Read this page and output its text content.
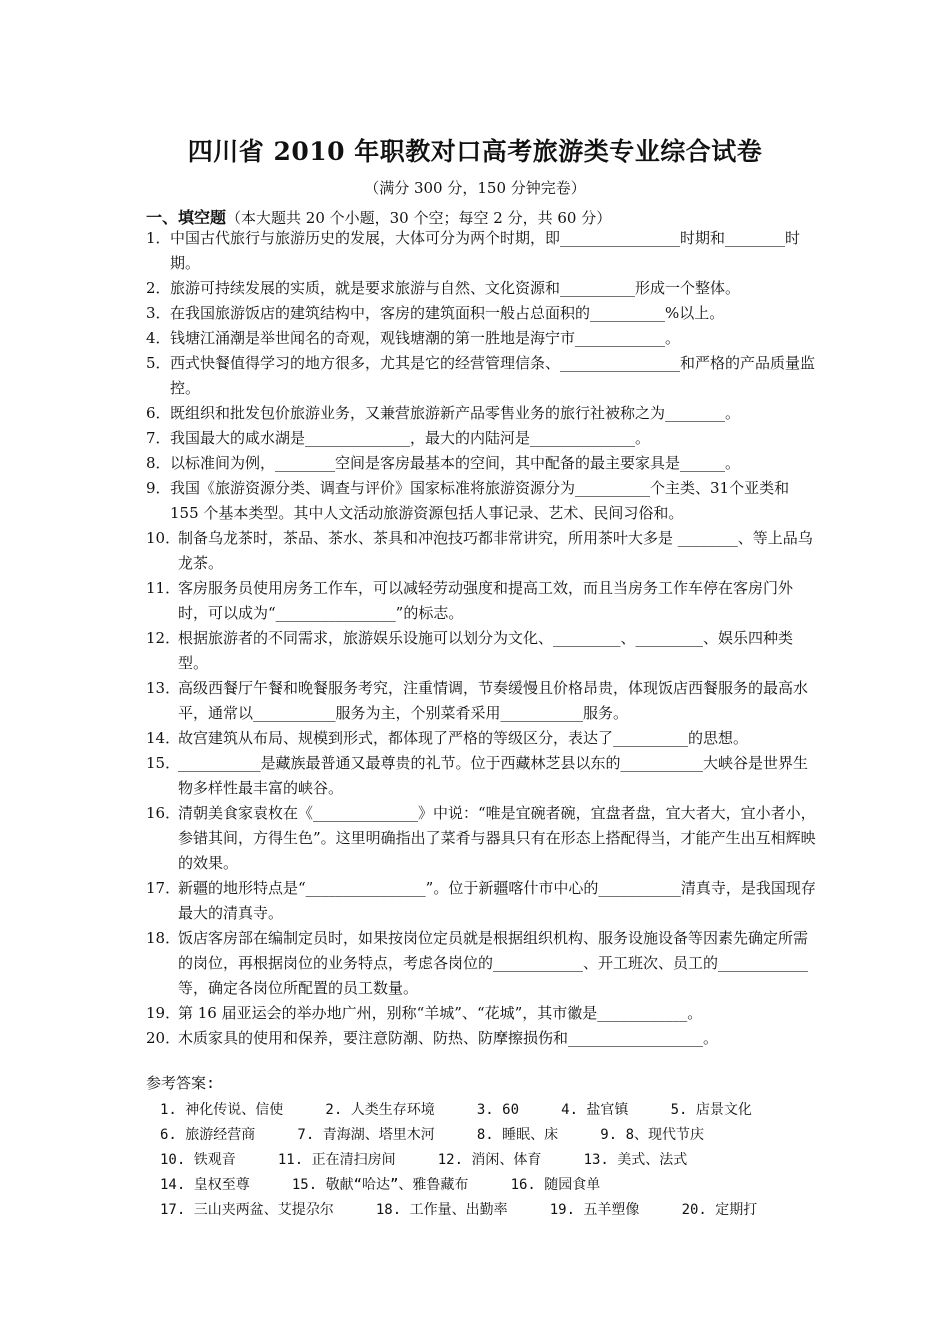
四川省 2010 年职教对口高考旅游类专业综合试卷
（满分 300 分，150 分钟完卷）
一、填空题（本大题共 20 个小题，30 个空；每空 2 分，共 60 分）
1． 中国古代旅行与旅游历史的发展，大体可分为两个时期，即________________时期和________时期。
2． 旅游可持续发展的实质，就是要求旅游与自然、文化资源和__________形成一个整体。
3． 在我国旅游饭店的建筑结构中，客房的建筑面积一般占总面积的__________%以上。
4． 钱塘江涌潮是举世闻名的奇观，观钱塘潮的第一胜地是海宁市____________。
5． 西式快餐值得学习的地方很多，尤其是它的经营管理信条、________________和严格的产品质量监控。
6． 既组织和批发包价旅游业务，又兼营旅游新产品零售业务的旅行社被称之为________。
7． 我国最大的咸水湖是______________，最大的内陆河是______________。
8． 以标准间为例，________空间是客房最基本的空间，其中配备的最主要家具是______。
9． 我国《旅游资源分类、调查与评价》国家标准将旅游资源分为__________个主类、31个亚类和 155 个基本类型。其中人文活动旅游资源包括人事记录、艺术、民间习俗和。
10．
制备乌龙茶时，茶品、茶水、茶具和冲泡技巧都非常讲究，所用茶叶大多是 ________、等上品乌龙茶。
11．
客房服务员使用房务工作车，可以减轻劳动强度和提高工效，而且当房务工作车停在客房门外时，可以成为“________________”的标志。
12．
根据旅游者的不同需求，旅游娱乐设施可以划分为文化、_________、_________、娱乐四种类型。
13．
高级西餐厅午餐和晚餐服务考究，注重情调，节奏缓慢且价格昂贵，体现饭店西餐服务的最高水平，通常以___________服务为主，个别菜肴采用___________服务。
14．
故宫建筑从布局、规模到形式，都体现了严格的等级区分，表达了__________的思想。
15．
___________是藏族最普通又最尊贵的礼节。位于西藏林芝县以东的___________大峡谷是世界生物多样性最丰富的峡谷。
16．
清朝美食家袁枚在《______________》中说：“唯是宜碗者碗，宜盘者盘，宜大者大，宜小者小，参错其间，方得生色”。这里明确指出了菜肴与器具只有在形态上搭配得当，才能产生出互相辉映的效果。
17．
新疆的地形特点是“________________”。位于新疆喀什市中心的___________清真寺，是我国现存最大的清真寺。
18．
饭店客房部在编制定员时，如果按岗位定员就是根据组织机构、服务设施设备等因素先确定所需的岗位，再根据岗位的业务特点，考虑各岗位的____________、开工班次、员工的____________等，确定各岗位所配置的员工数量。
19．
第 16 届亚运会的举办地广州，别称“羊城”、“花城”，其市徽是____________。
20．
木质家具的使用和保养，要注意防潮、防热、防摩擦损伤和__________________。
参考答案:
1. 神化传说、信使     2. 人类生存环境     3. 60     4. 盐官镇     5. 店景文化
6. 旅游经营商     7. 青海湖、塔里木河     8. 睡眠、床     9. 8、现代节庆
10. 铁观音     11. 正在清扫房间     12. 消闲、体育     13. 美式、法式
14. 皇权至尊     15. 敬献“哈达”、雅鲁藏布     16. 随园食单
17. 三山夹两盆、艾提尕尔     18. 工作量、出勤率     19. 五羊塑像     20. 定期打
